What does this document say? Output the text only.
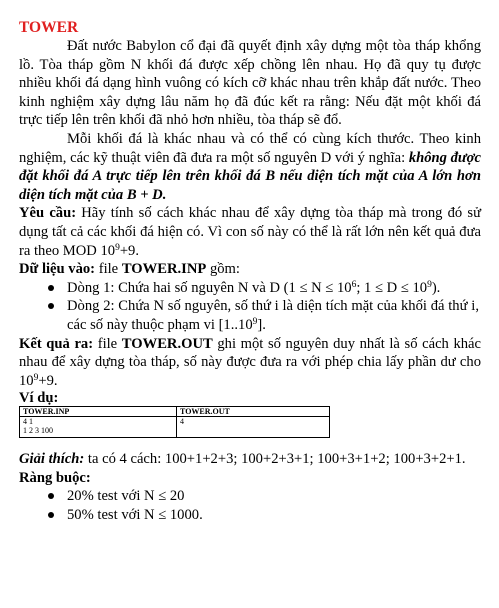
TOWER

Đất nước Babylon cổ đại đã quyết định xây dựng một tòa tháp khổng lồ. Tòa tháp gồm N khối đá được xếp chồng lên nhau. Họ đã quy tụ được nhiều khối đá dạng hình vuông có kích cỡ khác nhau trên khắp đất nước. Theo kinh nghiệm xây dựng lâu năm họ đã đúc kết ra rằng: Nếu đặt một khối đá trực tiếp lên trên khối đã nhỏ hơn nhiều, tòa tháp sẽ đổ.

Mỗi khối đá là khác nhau và có thể có cùng kích thước. Theo kinh nghiệm, các kỹ thuật viên đã đưa ra một số nguyên D với ý nghĩa: không được đặt khối đá A trực tiếp lên trên khối đá B nếu diện tích mặt của A lớn hơn diện tích mặt của B + D.

Yêu cầu: Hãy tính số cách khác nhau để xây dựng tòa tháp mà trong đó sử dụng tất cả các khối đá hiện có. Vì con số này có thể là rất lớn nên kết quả đưa ra theo MOD $10^9+9$.

Dữ liệu vào: file TOWER.INP gồm:

Dòng 1: Chứa hai số nguyên N và D ($1 \le N \le 10^6$; $1 \le D \le 10^9$).
Dòng 2: Chứa N số nguyên, số thứ i là diện tích mặt của khối đá thứ i, các số này thuộc phạm vi [1..10$^9$].

Kết quả ra: file TOWER.OUT ghi một số nguyên duy nhất là số cách khác nhau để xây dựng tòa tháp, số này được đưa ra với phép chia lấy phần dư cho $10^9+9$.

Ví dụ:

TOWER.INP	TOWER.OUT

4 1
1 2 3 100	4

Giải thích: ta có 4 cách: 100+1+2+3; 100+2+3+1; 100+3+1+2; 100+3+2+1.

Ràng buộc:

20% test với N ≤ 20
50% test với N ≤ 1000.
